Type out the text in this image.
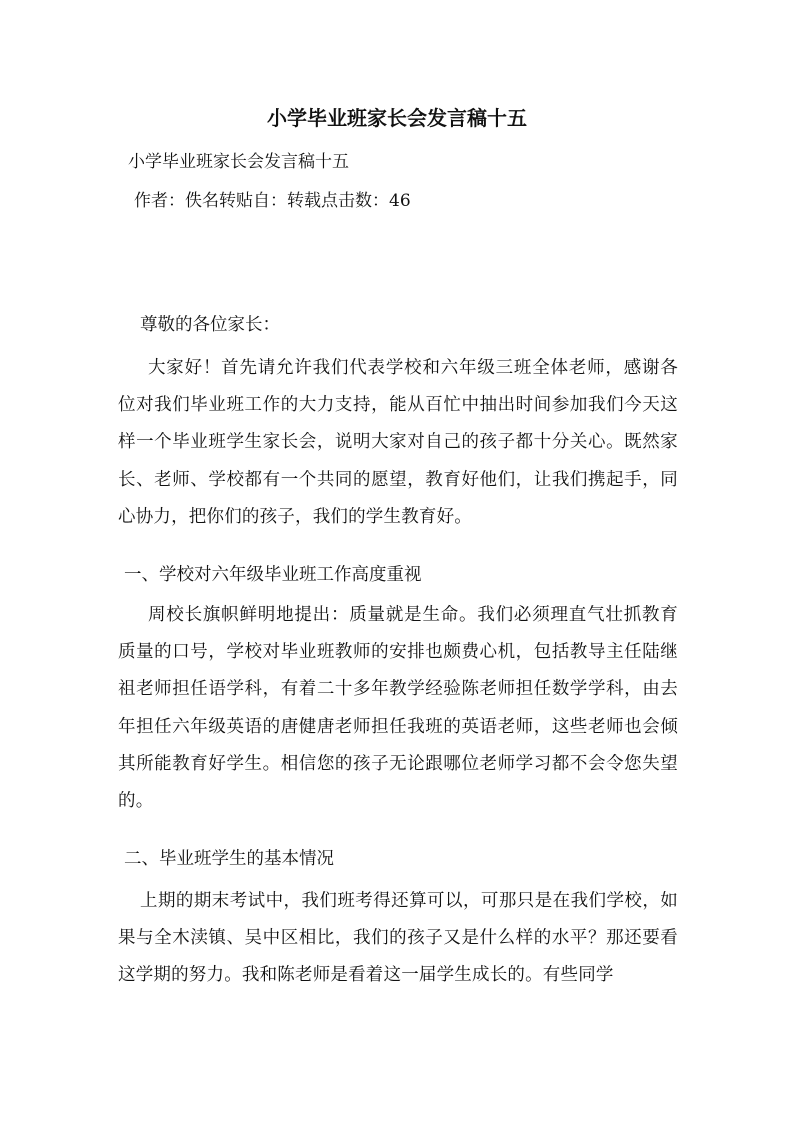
小学毕业班家长会发言稿十五
小学毕业班家长会发言稿十五
作者：佚名转贴自：转载点击数：46
尊敬的各位家长：
大家好！首先请允许我们代表学校和六年级三班全体老师，感谢各位对我们毕业班工作的大力支持，能从百忙中抽出时间参加我们今天这样一个毕业班学生家长会，说明大家对自己的孩子都十分关心。既然家长、老师、学校都有一个共同的愿望，教育好他们，让我们携起手，同心协力，把你们的孩子，我们的学生教育好。
一、学校对六年级毕业班工作高度重视
周校长旗帜鲜明地提出：质量就是生命。我们必须理直气壮抓教育质量的口号，学校对毕业班教师的安排也颇费心机，包括教导主任陆继祖老师担任语学科，有着二十多年教学经验陈老师担任数学学科，由去年担任六年级英语的唐健唐老师担任我班的英语老师，这些老师也会倾其所能教育好学生。相信您的孩子无论跟哪位老师学习都不会令您失望的。
二、毕业班学生的基本情况
上期的期末考试中，我们班考得还算可以，可那只是在我们学校，如果与全木渎镇、吴中区相比，我们的孩子又是什么样的水平？那还要看这学期的努力。我和陈老师是看着这一届学生成长的。有些同学
